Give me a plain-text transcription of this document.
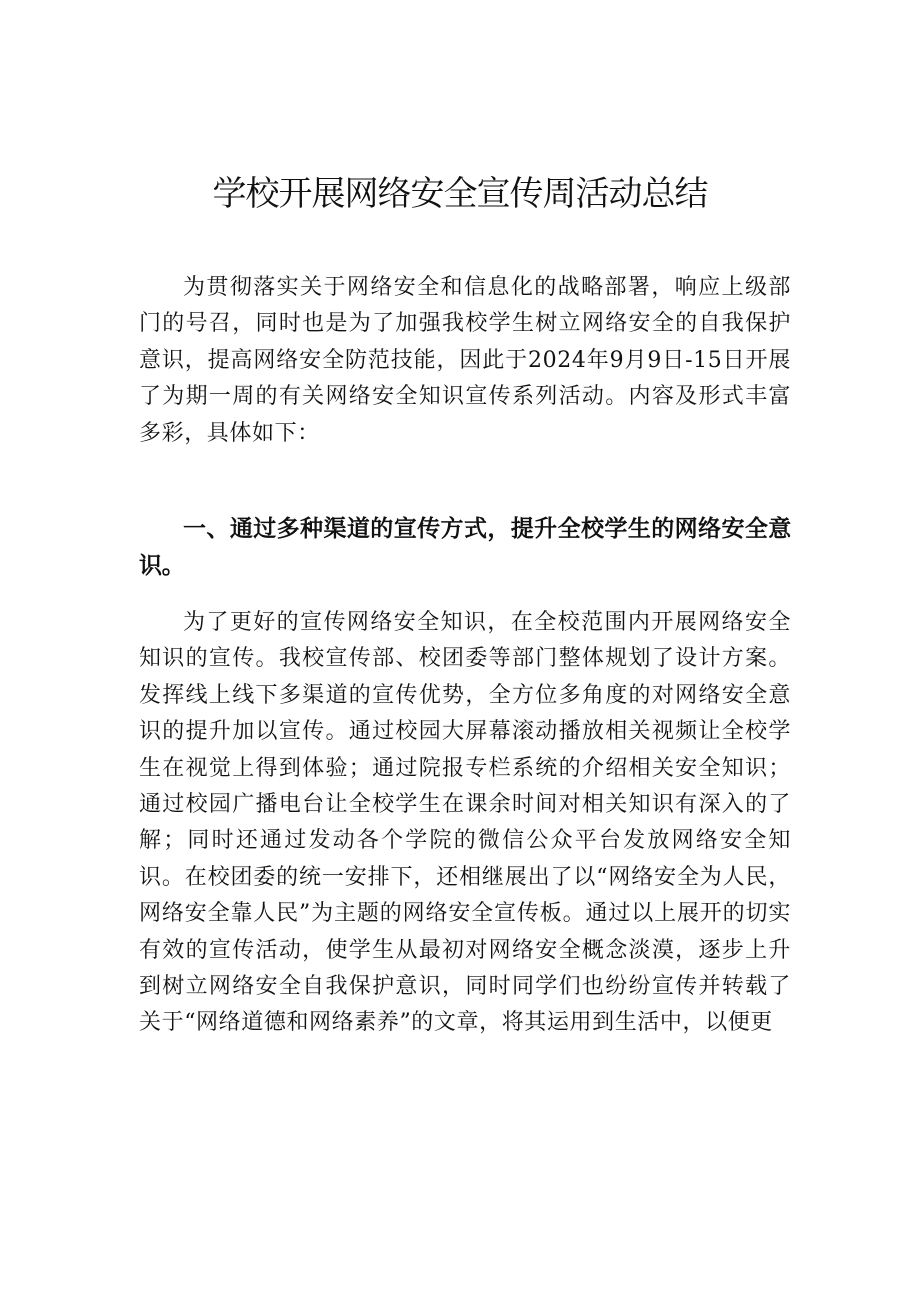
学校开展网络安全宣传周活动总结

为贯彻落实关于网络安全和信息化的战略部署，响应上级部门的号召，同时也是为了加强我校学生树立网络安全的自我保护意识，提高网络安全防范技能，因此于2024年9月9日-15日开展了为期一周的有关网络安全知识宣传系列活动。内容及形式丰富多彩，具体如下：

一、通过多种渠道的宣传方式，提升全校学生的网络安全意识。

为了更好的宣传网络安全知识，在全校范围内开展网络安全知识的宣传。我校宣传部、校团委等部门整体规划了设计方案。发挥线上线下多渠道的宣传优势，全方位多角度的对网络安全意识的提升加以宣传。通过校园大屏幕滚动播放相关视频让全校学生在视觉上得到体验；通过院报专栏系统的介绍相关安全知识；通过校园广播电台让全校学生在课余时间对相关知识有深入的了解；同时还通过发动各个学院的微信公众平台发放网络安全知识。在校团委的统一安排下，还相继展出了以“网络安全为人民，网络安全靠人民”为主题的网络安全宣传板。通过以上展开的切实有效的宣传活动，使学生从最初对网络安全概念淡漠，逐步上升到树立网络安全自我保护意识，同时同学们也纷纷宣传并转载了关于“网络道德和网络素养”的文章，将其运用到生活中，以便更
